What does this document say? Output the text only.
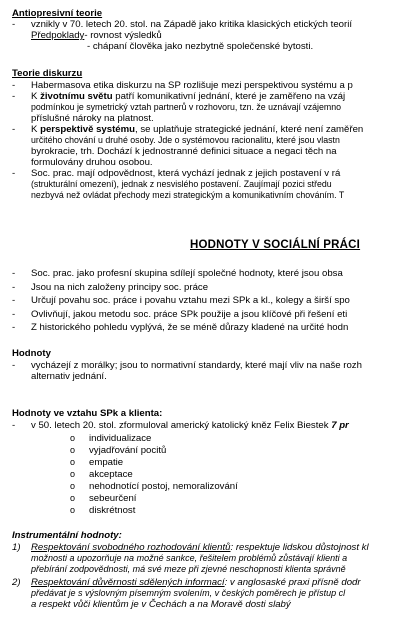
Antiopresivní teorie
- vznikly v 70. letech 20. stol. na Západě jako kritika klasických etických teorií
Předpoklady- rovnost výsledků
- chápaní člověka jako nezbytně společenské bytosti.
Teorie diskurzu
- Habermasova etika diskurzu na SP rozlišuje mezi perspektivou systému a p
- K životnímu světu patří komunikativní jednání, které je zaměřeno na vzáj
podmínkou je symetrický vztah partnerů v rozhovoru, tzn. že uznávají vzájemno
příslušné nároky na platnost.
- K perspektivě systému, se uplatňuje strategické jednání, které není zaměřen
určitého chování u druhé osoby. Jde o systémovou racionalitu, které jsou vlastn
byrokracie, trh. Dochází k jednostranné definici situace a negaci těch na
formulovány druhou osobou.
- Soc. prac. mají odpovědnost, která vychází jednak z jejich postavení v rá
(strukturální omezení), jednak z nesvislého postavení. Zaujímají pozici středu
nezbyvá než ovládat přechody mezi strategickým a komunikativním chováním. T
HODNOTY V SOCIÁLNÍ PRÁCI
- Soc. prac. jako profesní skupina sdílejí společné hodnoty, které jsou obsa
- Jsou na nich založeny principy soc. práce
- Určují povahu soc. práce i povahu vztahu mezi SPk a kl., kolegy a širší spo
- Ovlivňují, jakou metodu soc. práce SPk použije a jsou klíčové při řešení eti
- Z historického pohledu vyplývá, že se méně důrazy kladené na určité hodn
Hodnoty
- vycházejí z morálky; jsou to normativní standardy, které mají vliv na naše rozh
alternativ jednání.
Hodnoty ve vztahu SPk a klienta:
- v 50. letech 20. stol. zformuloval americký katolický kněz Felix Biestek 7 pr
o individualizace
o vyjadřování pocitů
o empatie
o akceptace
o nehodnotící postoj, nemoralizování
o sebeurčení
o diskrétnost
Instrumentální hodnoty:
1) Respektování svobodného rozhodování klientů: respektuje lidskou důstojnost kl
možnosti a upozorňuje na možné sankce, řešitelem problémů zůstávají klienti a
přebírání zodpovědnosti, má své meze při zjevné neschopnosti klienta správně
2) Respektování důvěrnosti sdělených informací: v anglosaské praxi přísně dodr
předávat je s výslovným písemným svolením, v českých poměrech je přístup cl
a respekt vůči klientům je v Čechách a na Moravě dosti slabý
